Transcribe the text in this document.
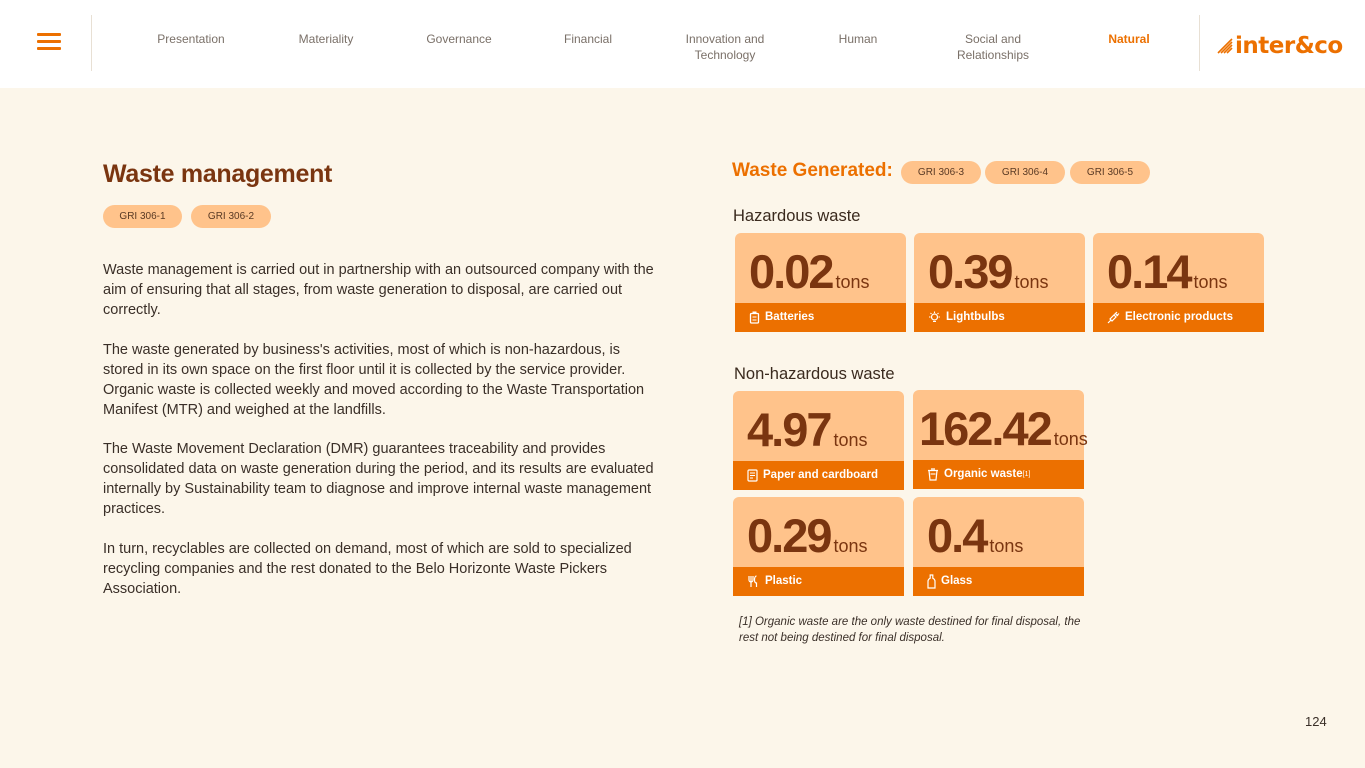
Presentation	Materiality	Governance	Financial	Innovation and Technology
Human	Social and Relationships
Natural	inter&co
Waste management
GRI 306-1	GRI 306-2

Waste management is carried out in partnership with an outsourced company with the aim of ensuring that all stages, from waste generation to disposal, are carried out correctly.

The waste generated by business's activities, most of which is non-hazardous, is stored in its own space on the first floor until it is collected by the service provider. Organic waste is collected weekly and moved according to the Waste Transportation Manifest (MTR) and weighed at the landfills.

The Waste Movement Declaration (DMR) guarantees traceability and provides consolidated data on waste generation during the period, and its results are evaluated internally by Sustainability team to diagnose and improve internal waste management practices.

In turn, recyclables are collected on demand, most of which are sold to specialized recycling companies and the rest donated to the Belo Horizonte Waste Pickers Association.

Waste Generated:	GRI 306-3	GRI 306-4	GRI 306-5
Hazardous waste
0.02 tons
Batteries
0.39 tons
Lightbulbs
0.14 tons
Electronic products
Non-hazardous waste
4.97 tons
Paper and cardboard
162.42 tons
Organic waste [1]
0.29 tons
Plastic
0.4 tons
Glass

[1] Organic waste are the only waste destined for final disposal, the rest not being destined for final disposal.

124
